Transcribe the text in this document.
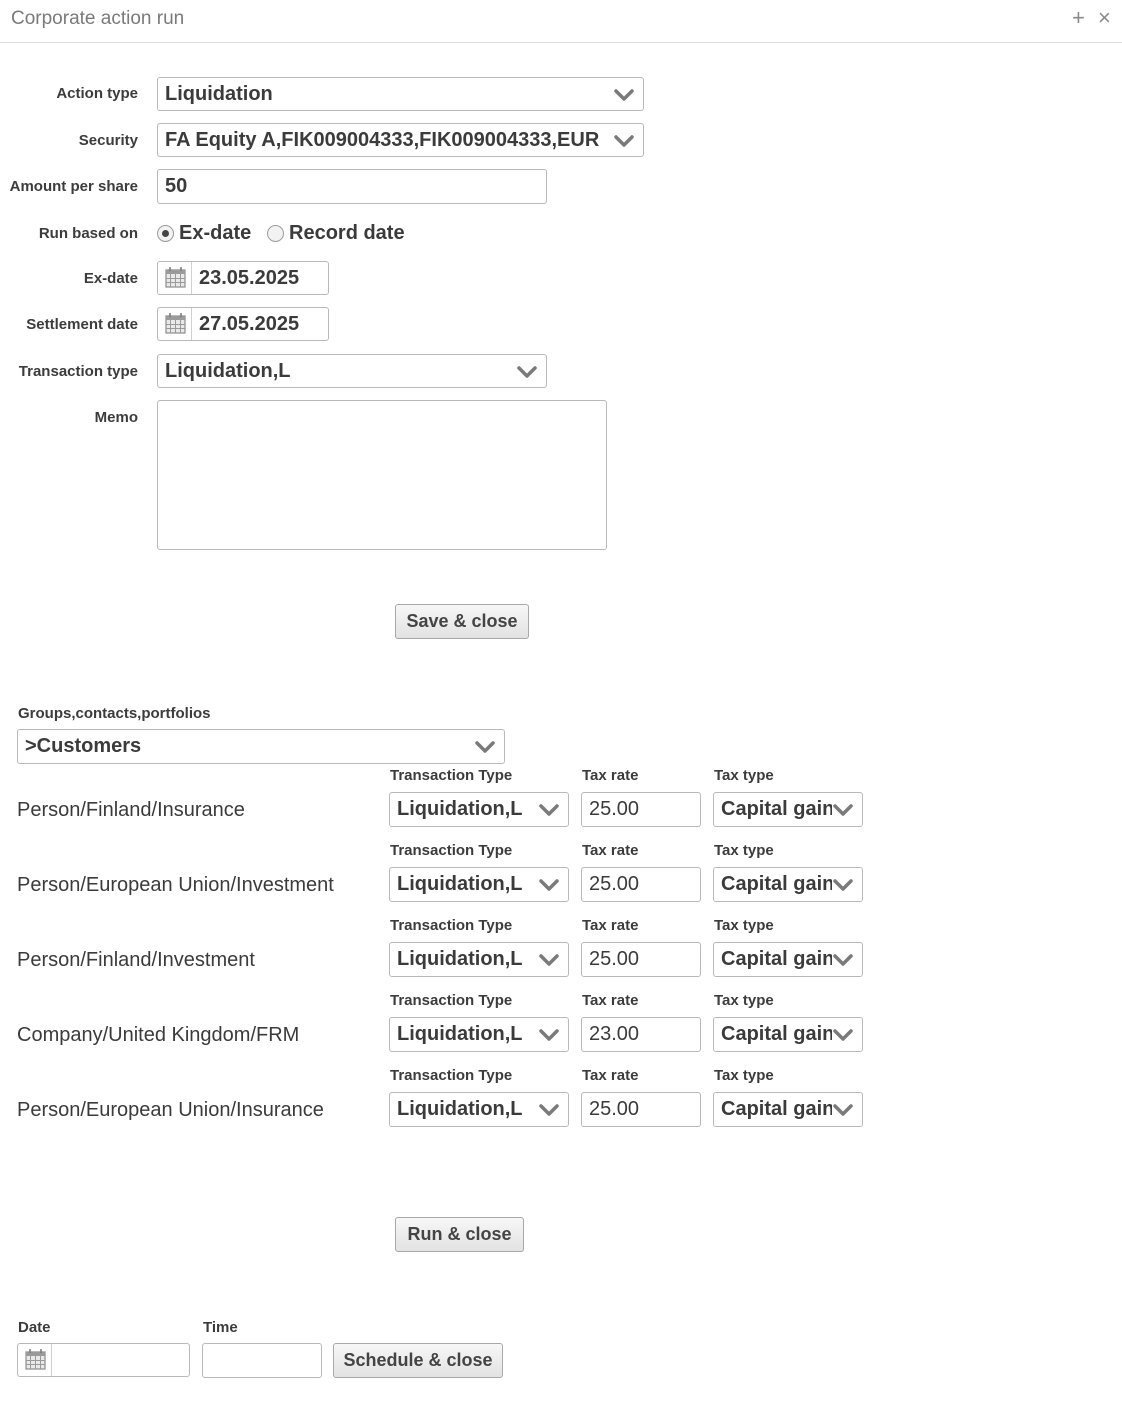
Corporate action run	+ ×
Action type	Liquidation
Security	FA Equity A,FIK009004333,FIK009004333,EUR
Amount per share	50
Run based on Ex-date Record date
Ex-date	23.05.2025
Settlement date	27.05.2025
Transaction type	Liquidation,L
Memo
Save & close
Groups,contacts,portfolios
>Customers
Transaction Type	Tax rate	Tax type
Person/Finland/Insurance	Liquidation,L	25.00	Capital gains
Transaction Type	Tax rate	Tax type
Person/European Union/Investment	Liquidation,L	25.00	Capital gains
Transaction Type	Tax rate	Tax type
Person/Finland/Investment	Liquidation,L	25.00	Capital gains
Transaction Type	Tax rate	Tax type
Company/United Kingdom/FRM	Liquidation,L	23.00	Capital gains
Transaction Type	Tax rate	Tax type
Person/European Union/Insurance	Liquidation,L	25.00	Capital gains
Run & close
Date	Time
Schedule & close
